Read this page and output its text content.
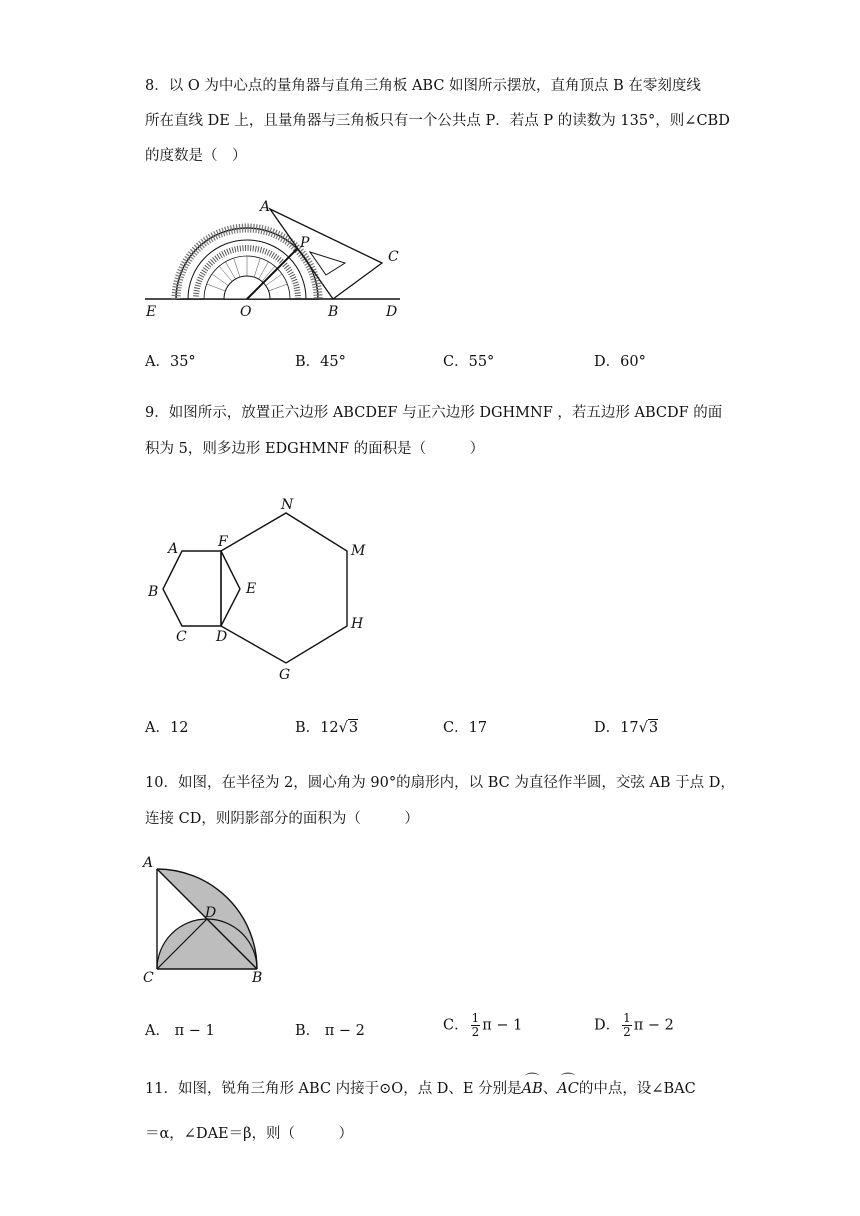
8．以 O 为中心点的量角器与直角三角板 ABC 如图所示摆放，直角顶点 B 在零刻度线
所在直线 DE 上，且量角器与三角板只有一个公共点 P．若点 P 的读数为 135°，则∠CBD
的度数是（　）
A
P
C
E	O	B	D
A．35°	B．45°	C．55°	D．60°
9．如图所示，放置正六边形 ABCDEF 与正六边形 DGHMNF ，若五边形 ABCDF 的面
积为 5，则多边形 EDGHMNF 的面积是（　　　）
N
A	F
M
B	E
C D
H
G
A．12	B．12√3	C．17	D．17√3
10．如图，在半径为 2，圆心角为 90°的扇形内，以 BC 为直径作半圆，交弦 AB 于点 D，
连接 CD，则阴影部分的面积为（　　　）
A
D
C	B
A． π − 1	B． π − 2	C． $\frac{1}{2}$ π − 1	D． $\frac{1}{2}$ π − 2
11．如图，锐角三角形 ABC 内接于⊙O，点 D、E 分别是⌒ AB、⌒ AC的中点，设∠BAC
＝α，∠DAE＝β，则（　　　）
